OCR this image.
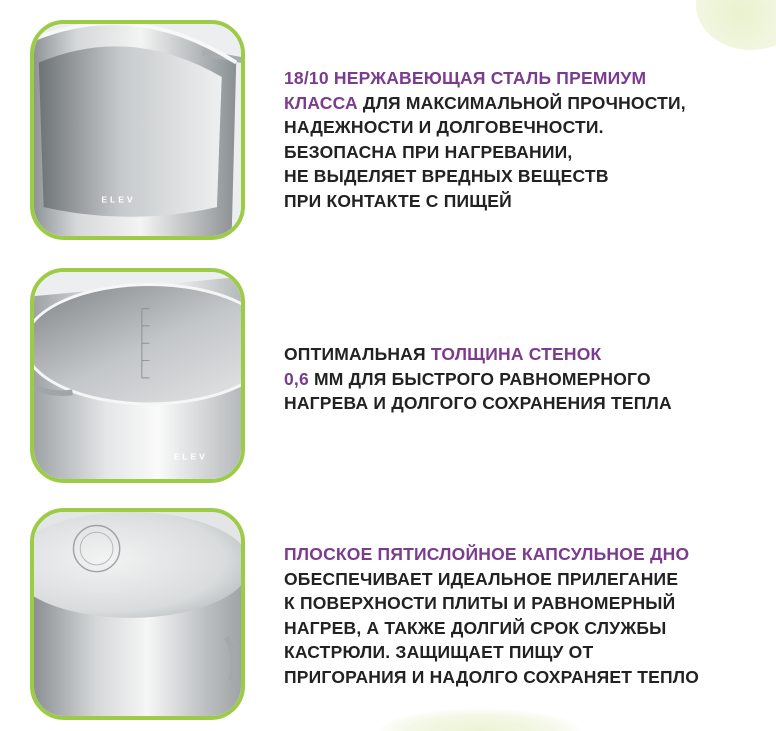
ELEV
ELEV
18/10 НЕРЖАВЕЮЩАЯ СТАЛЬ ПРЕМИУМ
КЛАССА ДЛЯ МАКСИМАЛЬНОЙ ПРОЧНОСТИ,
НАДЕЖНОСТИ И ДОЛГОВЕЧНОСТИ.
БЕЗОПАСНА ПРИ НАГРЕВАНИИ,
НЕ ВЫДЕЛЯЕТ ВРЕДНЫХ ВЕЩЕСТВ
ПРИ КОНТАКТЕ С ПИЩЕЙ
ОПТИМАЛЬНАЯ ТОЛЩИНА СТЕНОК
0,6 ММ ДЛЯ БЫСТРОГО РАВНОМЕРНОГО
НАГРЕВА И ДОЛГОГО СОХРАНЕНИЯ ТЕПЛА
ПЛОСКОЕ ПЯТИСЛОЙНОЕ КАПСУЛЬНОЕ ДНО
ОБЕСПЕЧИВАЕТ ИДЕАЛЬНОЕ ПРИЛЕГАНИЕ
К ПОВЕРХНОСТИ ПЛИТЫ И РАВНОМЕРНЫЙ
НАГРЕВ, А ТАКЖЕ ДОЛГИЙ СРОК СЛУЖБЫ
КАСТРЮЛИ. ЗАЩИЩАЕТ ПИЩУ ОТ
ПРИГОРАНИЯ И НАДОЛГО СОХРАНЯЕТ ТЕПЛО
